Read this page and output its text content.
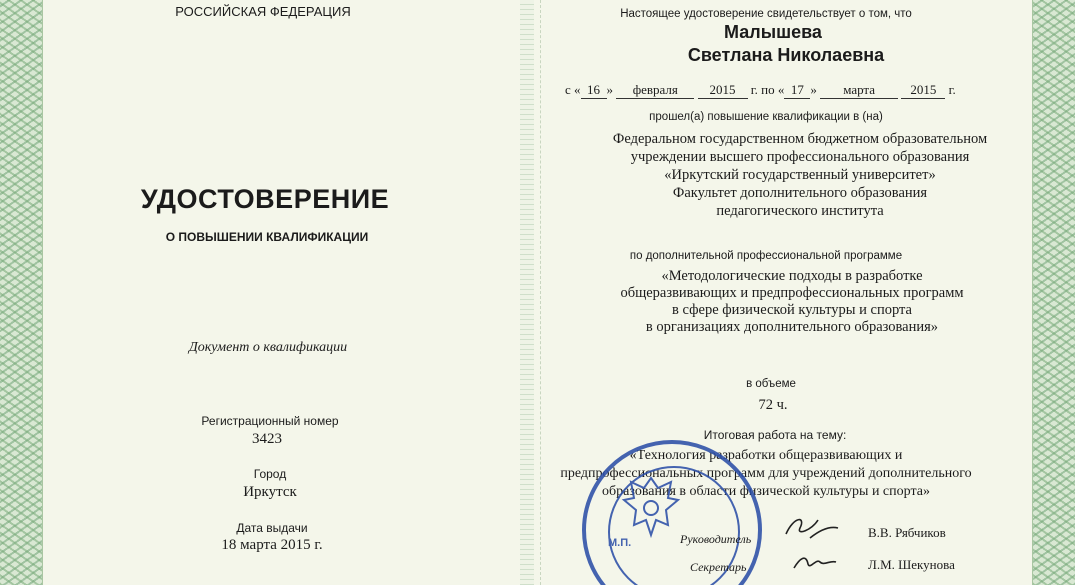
РОССИЙСКАЯ ФЕДЕРАЦИЯ
УДОСТОВЕРЕНИЕ
О ПОВЫШЕНИИ КВАЛИФИКАЦИИ
Документ о квалификации
Регистрационный номер
3423
Город
Иркутск
Дата выдачи
18 марта 2015 г.
Настоящее удостоверение свидетельствует о том, что
Малышева
Светлана Николаевна
с « 16 » февраля 2015 г. по « 17 » марта	2015 г.
прошел(а) повышение квалификации в (на)
Федеральном государственном бюджетном образовательном
учреждении высшего профессионального образования
«Иркутский государственный университет»
Факультет дополнительного образования
педагогического института
по дополнительной профессиональной программе
«Методологические подходы в разработке
общеразвивающих и предпрофессиональных программ
в сфере физической культуры и спорта
в организациях дополнительного образования»
в объеме
72 ч.
Итоговая работа на тему:
«Технология разработки общеразвивающих и
предпрофессиональных программ для учреждений дополнительного
образования в области физической культуры и спорта»
М.П.	Руководитель	В.В. Рябчиков
Секретарь	Л.М. Шекунова
